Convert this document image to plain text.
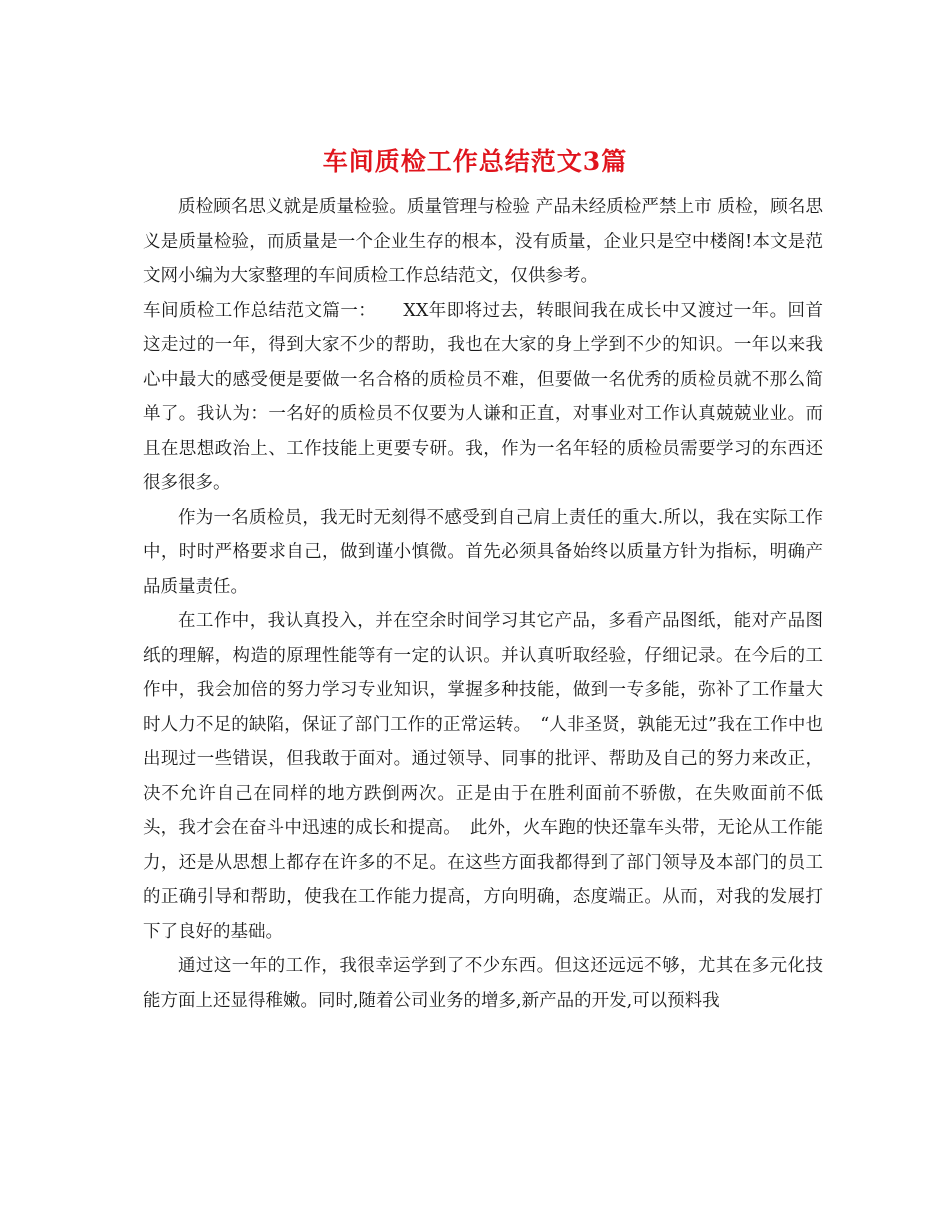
车间质检工作总结范文3篇

质检顾名思义就是质量检验。质量管理与检验 产品未经质检严禁上市 质检，顾名思义是质量检验，而质量是一个企业生存的根本，没有质量，企业只是空中楼阁!本文是范文网小编为大家整理的车间质检工作总结范文，仅供参考。

车间质检工作总结范文篇一：　　XX年即将过去，转眼间我在成长中又渡过一年。回首这走过的一年，得到大家不少的帮助，我也在大家的身上学到不少的知识。一年以来我心中最大的感受便是要做一名合格的质检员不难，但要做一名优秀的质检员就不那么简单了。我认为：一名好的质检员不仅要为人谦和正直，对事业对工作认真兢兢业业。而且在思想政治上、工作技能上更要专研。我，作为一名年轻的质检员需要学习的东西还很多很多。

作为一名质检员，我无时无刻得不感受到自己肩上责任的重大.所以，我在实际工作中，时时严格要求自己，做到谨小慎微。首先必须具备始终以质量方针为指标，明确产品质量责任。

在工作中，我认真投入，并在空余时间学习其它产品，多看产品图纸，能对产品图纸的理解，构造的原理性能等有一定的认识。并认真听取经验，仔细记录。在今后的工作中，我会加倍的努力学习专业知识，掌握多种技能，做到一专多能，弥补了工作量大时人力不足的缺陷，保证了部门工作的正常运转。　“人非圣贤，孰能无过”我在工作中也出现过一些错误，但我敢于面对。通过领导、同事的批评、帮助及自己的努力来改正，决不允许自己在同样的地方跌倒两次。正是由于在胜利面前不骄傲，在失败面前不低头，我才会在奋斗中迅速的成长和提高。　此外，火车跑的快还靠车头带，无论从工作能力，还是从思想上都存在许多的不足。在这些方面我都得到了部门领导及本部门的员工的正确引导和帮助，使我在工作能力提高，方向明确，态度端正。从而，对我的发展打下了良好的基础。

通过这一年的工作，我很幸运学到了不少东西。但这还远远不够，尤其在多元化技能方面上还显得稚嫩。同时,随着公司业务的增多,新产品的开发,可以预料我
